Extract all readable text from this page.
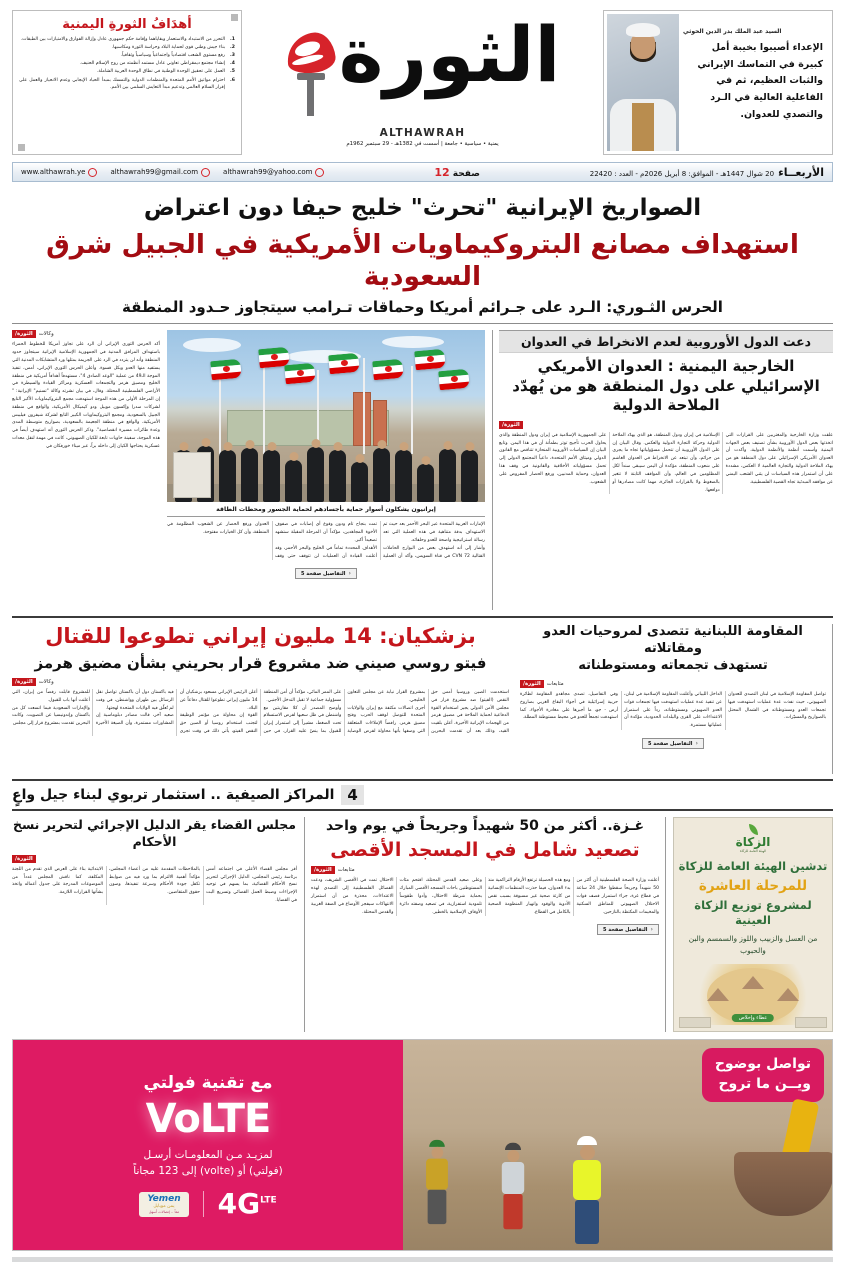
أهدَافُ الثورةِ اليمنية
التحرر من الاستبداد والاستعمار وبقاياهما وإقامة حكم جمهوري عادل وإزالة الفوارق والامتيازات بين الطبقات.
بناء جيش وطني قوي لحماية البلاد وحراسة الثورة ومكاسبها.
رفع مستوى الشعب اقتصادياً واجتماعياً وسياسياً وثقافياً.
إنشاء مجتمع ديمقراطي تعاوني عادل مستمد أنظمته من روح الإسلام الحنيف.
العمل على تحقيق الوحدة الوطنية في نطاق الوحدة العربية الشاملة.
احترام مواثيق الأمم المتحدة والمنظمات الدولية والتمسك بمبدأ الحياد الإيجابي وعدم الانحياز والعمل على إقرار السلام العالمي وتدعيم مبدأ التعايش السلمي بين الأمم. الثورة
ALTHAWRAH
يمنية • سياسية • جامعة | أسست في 1382هـ - 29 سبتمبر 1962م
السيد عبد الملك بدر الدين الحوثي
الإعداء أصيبوا بخيبة أمل
كبيرة في التماسك الإيراني
والثبات العظيم، ثم في
الفاعلية العالية في الـرد
والتصدي للعدوان.
الأربعــاء
20 شوال 1447هـ - الموافق: 8 أبريل 2026م - العدد : 22420
صفحة 12
www.althawrah.ye	althawrah99@gmail.com	althawrah99@yahoo.com
الصواريخ الإيرانية "تحرث" خليج حيفا دون اعتراض
استهداف مصانع البتروكيماويات الأمريكية في الجبيل شرق السعودية
الحرس الثـوري: الـرد على جـرائم أمريكا وحماقات تـرامب سيتجاوز حـدود المنطقة
الثورة/	وكالات

أكد الحرس الثوري الإيراني أن الرد على تجاوز أمريكا للخطوط الحمراء باستهداف المرافق المدنية في الجمهورية الإسلامية الإيرانية سيتجاوز حدود المنطقة وأنه لن يتردد في الرد على الجريمة بمثلها ورد المتشابكات المدنية التي يستفيد منها العدو وبكل قسوة. وأعلن الحرس الثوري الإيراني، أمس، تنفيذ الموجة الـ49 من عملية "الوعد الصادق 4"، مستهدفاً أهدافاً أمريكية في منطقة الخليج ومضيق هرمز والتجمعات العسكرية ومراكز القيادة والسيطرة في الأراضي الفلسطينية المحتلة. وقال، في بيان نشرته وكالة "تسنيم" الإيرانية: " إن المرحلة الأولى من هذه الموجة استهدفت مجمع البتروكيماويات الأكبر التابع لشركات سدرا وإكسون موبيل ودو كيميكال الأمريكية، والواقع في منطقة الجبيل بالسعودية، ومجمع البتروكيماويات الكبير التابع لشركة شيفرون فيليبس الأمريكية، والواقع في منطقة الجعيمة بالسعودية، بصواريخ متوسطة المدى وعدة طائرات مسيرة انقضاضية". وذكر الحرس الثوري أنه استهدف أيضاً في هذه الموجة، سفينة حاويات تابعة للكيان الصهيوني، كانت في مهمة لنقل معدات عسكرية يحتاجها الكيان إلى داخله براً، عبر ميناء خورفكان في

إيرانيون يشكلون أسوار حماية بأجسادهم لحماية الجسور ومحطات الطاقة

الإمارات العربية المتحدة عبر البحر الأحمر بعد حيث تم الاستهداف بدقة متناهية في هذه العملية التي تعد رسالة استراتيجية واضحة للعدو وحلفائه.

وأشار إلى أنه استهدف بعض من البوارج الحاملات القتالية CVN 72 في قناة السويس، وأكد أن العملية تمت بنجاح تام ودون وقوع أي إصابات في صفوف الأخوة المجاهدين، مؤكداً أن المرحلة المقبلة ستشهد تصعيداً أكبر.

الأهداف المحددة تماماً في الخليج والبحر الأحمر، وقد أعلنت القيادة أن العمليات لن تتوقف حتى وقف العدوان ورفع الحصار عن الشعوب المظلومة في المنطقة، وأن كل الخيارات مفتوحة.

التفاصيل صفحة 5 ‹
دعت الدول الأوروبية لعدم الانخراط في العدوان
الخارجية اليمنية : العدوان الأمريكي الإسرائيلي على دول المنطقة هو من يُهدّد الملاحة الدولية
الثورة/

علقت وزارة الخارجية والمغتربين على القرارات التي اتخذتها بعض الدول الأوروبية بشأن تصنيف بعض الجهات اليمنية وأسمت أنظمة والأنظمة الدولية، وأكدت أن العدوان الأمريكي الإسرائيلي على دول المنطقة هو من يهدّد الملاحة الدولية والتجارة العالمية لا العكس، مشددة على أن استمرار هذه السياسات لن يثني الشعب اليمني عن مواقفه المبدئية تجاه القضية الفلسطينية.

الإسلامية في إيران ودول المنطقة، هو الذي يهدّد الملاحة الدولية وحركة التجارة الدولية والعكس. وقال البيان إن على الدول الأوروبية أن تتحمل مسؤولياتها تجاه ما يجري من جرائم، وأن تبتعد عن الانخراط في العدوان الغاشم على شعوب المنطقة، مؤكدة أن اليمن سيبقى سنداً لكل المظلومين في العالم، وأن المواقف الثابتة لا تتغير بالضغوط ولا بالقرارات الجائرة، مهما كانت مصادرها أو دوافعها.

على الجمهورية الإسلامية في إيران ودول المنطقة والذي يحاول الحرب تأجيج توتر بطمأنة أن في هذا اليمن. وتابع البيان إن السياسات الأوروبية المنحازة تتناقض مع القانون الدولي وميثاق الأمم المتحدة، داعياً المجتمع الدولي إلى تحمل مسؤولياته الأخلاقية والقانونية في وقف هذا العدوان، وحماية المدنيين، ورفع الحصار المفروض على الشعوب.

بزشكيان: 14 مليون إيراني تطوعوا للقتال
فيتو روسي صيني ضد مشروع قرار بحريني بشأن مضيق هرمز
الثورة/	وكالات

استخدمت الصين وروسيا أمس حق النقض (الفيتو) ضد مشروع قرار في مجلس الأمن الدولي يجيز استخدام القوة الدفاعية لحماية الملاحة في مضيق هرمز من الهجمات الإيرانية الأخيرة، أعلن بلقيت القيد، وذلك بعد أن تقدمت البحرين بمشروع القرار نيابة عن مجلس التعاون الخليجي.

أجرى اتصالات مكثفة مع إيران والولايات المتحدة للتوصل لوقف الحرب وفتح مضيق هرمز، رافضاً الإملاءات المتعلقة التي وصفها بأنها محاولة لفرض الوصاية على الممر المائي، مؤكداً أن أمن المنطقة مسؤولية جماعية لا تقبل التدخل الأجنبي.

وأوضح المصدر أن كلا مقاربتين مع واشنطن في ظل سعيها لفرض الاستسلام تحت الضغط، مشيراً إلى استمرار إيران للقبول بما ينصّ عليه القرار، في حين أعلن الرئيس الإيراني مسعود بزشكيان أن 14 مليون إيراني تطوعوا للقتال دفاعاً عن البلاد.

القوة إن محاولة من مؤتمر الوظيفة لتجنب استخدام روسيا أو الصين حق النقض الفيتو، يأتي ذلك في وقت تجري فيه باكستان دول أن باكستان تواصل نقل الرسائل بين طهران وواشنطن، في وقت لم تُعلّق فيه الولايات المتحدة لهجتها.

صعيد آخر، قالت مصادر دبلوماسية إن المشاورات مستمرة، وأن الصيغة الأخيرة للمشروع قابلت رفضاً من إيران، التي أعلنت أنها باب للقبول.

والإمارات السعودية فيما اتسعت كل من باكستان وإندونيسيا عن التصويت. وكانت البحرين تقدمت بمشروع قرار إلى مجلس

المقاومة اللبنانية تتصدى لمروحيات العدو ومقاتلاته
تستهدف تجمعاته ومستوطناته
الثورة/	متابعات

تواصل المقاومة الإسلامية في لبنان التصدي للعدوان الصهيوني، حيث نفذت عدة عمليات استهدفت فيها تجمعات العدو ومستوطناته في الشمال المحتل بالصواريخ والمسيّرات.

الداخل الليباني وأعلنت المقاومة الإسلامية في لبنان، عن تنفيذ عدة عمليات استهدفت فيها تجمعات قوات العدو الصهيوني ومستوطناته، رداً على استمرار الاعتداءات على القرى والبلدات الحدودية، مؤكدة أن عملياتها مستمرة.

وفي التفاصيل، تصدى مجاهدو المقاومة لطائرة حربية إسرائيلية في أجواء البقاع الغربي بصاروخ أرض - جو، ما أجبرها على مغادرة الأجواء، كما استهدفت تجمعاً للعدو في محيط مستوطنة المطلة.

التفاصيل صفحة 5 ‹
المراكز الصيفية .. استثمار تربوي لبناء جيل واعٍ 4
مجلس القضاء يقر الدليل الإجرائي لتحرير نسخ الأحكام
الثورة/

أقر مجلس القضاء الأعلى في اجتماعه أمس برئاسة رئيس المجلس، الدليل الإجرائي لتحرير نسخ الأحكام القضائية، بما يسهم في توحيد الإجراءات وضبط العمل القضائي وتسريع البت في القضايا.

بالملاحظات المقدمة عليه من أعضاء المجلس، مؤكداً أهمية الالتزام بما ورد فيه من ضوابط تكفل جودة الأحكام وسرعة تنفيذها، وصون حقوق المتقاضين.

الابتدائية بناء على العرض الذي تقدم من اللجنة المكلفة، كما ناقش المجلس عدداً من الموضوعات المدرجة على جدول أعماله واتخذ بشأنها القرارات اللازمة.

غـزة.. أكثر من 50 شهيداً وجريحاً في يوم واحد
تصعيد شامل في المسجد الأقصى
الثورة/	متابعات

أعلنت وزارة الصحة الفلسطينية أن أكثر من 50 شهيداً وجريحاً سقطوا خلال 24 ساعة في قطاع غزة، جراء استمرار قصف قوات الاحتلال الصهيوني للمناطق السكنية والمخيمات المكتظة بالنازحين.

ومع هذه الحصيلة ترتفع الأرقام التراكمية منذ بدء العدوان، فيما حذرت المنظمات الإنسانية من كارثة صحية غير مسبوقة بسبب نقص الأدوية والوقود وانهيار المنظومة الصحية بالكامل في القطاع.

وعلى صعيد القدس المحتلة، اقتحم مئات المستوطنين باحات المسجد الأقصى المبارك بحماية شرطة الاحتلال، وأدوا طقوساً تلمودية استفزازية، في تصعيد وصفته دائرة الأوقاف الإسلامية بالخطير.

الاحتلال تمت في الأقصى الشريف، ودعت الفصائل الفلسطينية إلى التصدي لهذه الاعتداءات، محذرة من أن استمرار الانتهاكات سيفجر الأوضاع في الضفة الغربية والقدس المحتلة.

التفاصيل صفحة 5 ‹
الزكاة
الهيئة العامة للزكاة
تدشين الهيئة العامة للزكاة
للمرحلة العاشرة
لمشروع توزيع الزكاة العينية
من العسل والزبيب واللوز والسمسم والبن والحبوب
عطاء وإخلاص
مع تقنية فولتي
VoLTE
لمزيـد مـن المعلومـات أرسـل
(فولتي) أو (volte) إلى 123 مجاناً
Yemen
يمن موبايل
معاً .. إتصالات أسهل $4G^{LTE}$
تواصل بوضوح
ويــن ما تروح
